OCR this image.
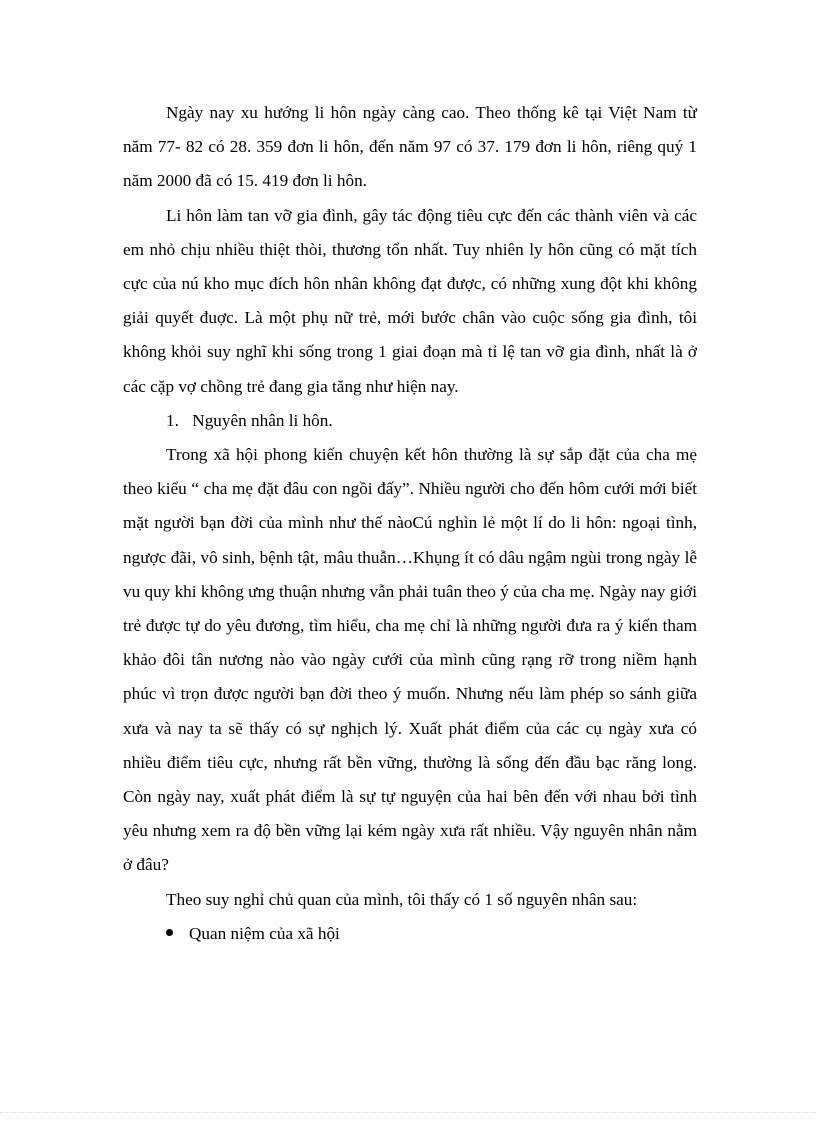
Ngày nay xu hướng li hôn ngày càng cao. Theo thống kê tại Việt Nam từ năm 77- 82 có 28. 359 đơn li hôn, đến năm 97 có 37. 179 đơn li hôn, riêng quý 1 năm 2000 đã có 15. 419 đơn li hôn.

Li hôn làm tan vỡ gia đình, gây tác động tiêu cực đến các thành viên và các em nhỏ chịu nhiều thiệt thòi, thương tổn nhất. Tuy nhiên ly hôn cũng có mặt tích cực của nú kho mục đích hôn nhân không đạt được, có những xung đột khi không giải quyết đuợc. Là một phụ nữ trẻ, mới bước chân vào cuộc sống gia đình, tôi không khỏi suy nghĩ khi sống trong 1 giai đoạn mà tỉ lệ tan vỡ gia đình, nhất là ở các cặp vợ chồng trẻ đang gia tăng như hiện nay.

1. Nguyên nhân li hôn.

Trong xã hội phong kiến chuyện kết hôn thường là sự sắp đặt của cha mẹ theo kiểu “ cha mẹ đặt đâu con ngồi đấy”. Nhiều người cho đến hôm cưới mới biết mặt người bạn đời của mình như thế nàoCú nghìn lẻ một lí do li hôn: ngoại tình, ngược đãi, vô sinh, bệnh tật, mâu thuẫn…Khụng ít có dâu ngậm ngùi trong ngày lễ vu quy khi không ưng thuận nhưng vẫn phải tuân theo ý của cha mẹ. Ngày nay giới trẻ được tự do yêu đương, tìm hiểu, cha mẹ chỉ là những người đưa ra ý kiến tham khảo đôi tân nương nào vào ngày cưới của mình cũng rạng rỡ trong niềm hạnh phúc vì trọn được người bạn đời theo ý muốn. Nhưng nếu làm phép so sánh giữa xưa và nay ta sẽ thấy có sự nghịch lý. Xuất phát điểm của các cụ ngày xưa có nhiều điểm tiêu cực, nhưng rất bền vững, thường là sống đến đầu bạc răng long. Còn ngày nay, xuất phát điểm là sự tự nguyện của hai bên đến với nhau bởi tình yêu nhưng xem ra độ bền vững lại kém ngày xưa rất nhiều. Vậy nguyên nhân nằm ở đâu?

Theo suy nghỉ chủ quan của mình, tôi thấy có 1 số nguyên nhân sau:

Quan niệm của xã hội
